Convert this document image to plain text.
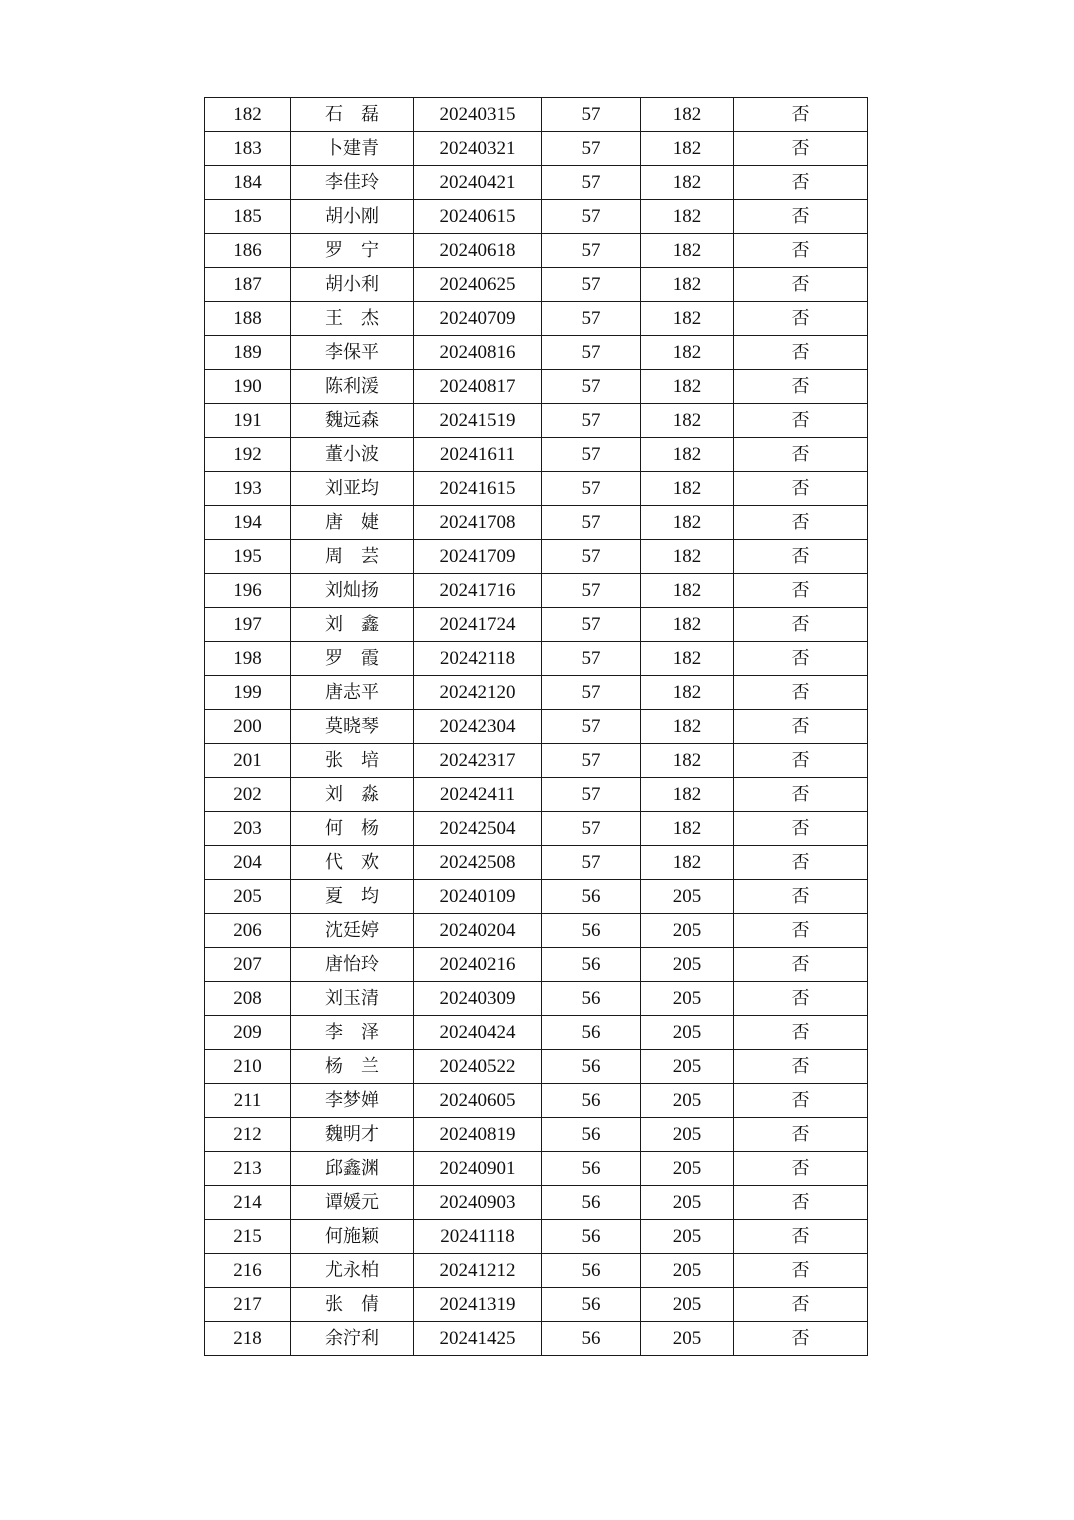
182	石　磊	20240315	57	182	否
183	卜建青	20240321	57	182	否
184	李佳玲	20240421	57	182	否
185	胡小刚	20240615	57	182	否
186	罗　宁	20240618	57	182	否
187	胡小利	20240625	57	182	否
188	王　杰	20240709	57	182	否
189	李保平	20240816	57	182	否
190	陈利湲	20240817	57	182	否
191	魏远森	20241519	57	182	否
192	董小波	20241611	57	182	否
193	刘亚均	20241615	57	182	否
194	唐　婕	20241708	57	182	否
195	周　芸	20241709	57	182	否
196	刘灿扬	20241716	57	182	否
197	刘　鑫	20241724	57	182	否
198	罗　霞	20242118	57	182	否
199	唐志平	20242120	57	182	否
200	莫晓琴	20242304	57	182	否
201	张　培	20242317	57	182	否
202	刘　淼	20242411	57	182	否
203	何　杨	20242504	57	182	否
204	代　欢	20242508	57	182	否
205	夏　均	20240109	56	205	否
206	沈廷婷	20240204	56	205	否
207	唐怡玲	20240216	56	205	否
208	刘玉清	20240309	56	205	否
209	李　泽	20240424	56	205	否
210	杨　兰	20240522	56	205	否
211	李梦婵	20240605	56	205	否
212	魏明才	20240819	56	205	否
213	邱鑫渊	20240901	56	205	否
214	谭媛元	20240903	56	205	否
215	何施颖	20241118	56	205	否
216	尤永柏	20241212	56	205	否
217	张　倩	20241319	56	205	否
218	余泞利	20241425	56	205	否
